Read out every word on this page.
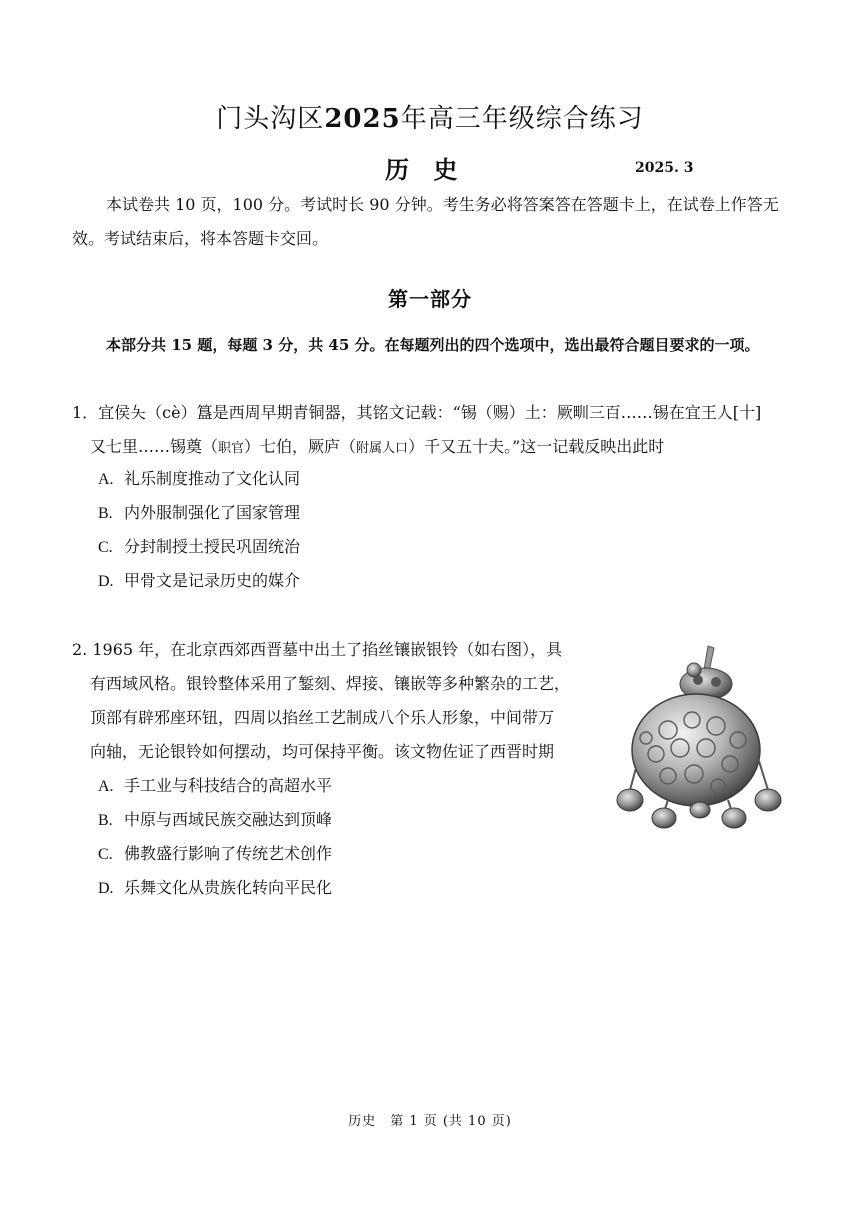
门头沟区2025年高三年级综合练习
历 史	2025. 3
本试卷共 10 页，100 分。考试时长 90 分钟。考生务必将答案答在答题卡上，在试卷上作答无效。考试结束后，将本答题卡交回。
第一部分
本部分共 15 题，每题 3 分，共 45 分。在每题列出的四个选项中，选出最符合题目要求的一项。
1．宜侯夨（cè）簋是西周早期青铜器，其铭文记载：“锡（赐）土：厥甽三百……锡在宜王人[十]
又七里……锡奠（职官）七伯，厥庐（附属人口）千又五十夫。”这一记载反映出此时
A. 礼乐制度推动了文化认同
B. 内外服制强化了国家管理
C. 分封制授土授民巩固统治
D. 甲骨文是记录历史的媒介
2. 1965 年，在北京西郊西晋墓中出土了掐丝镶嵌银铃（如右图），具
有西域风格。银铃整体采用了錾刻、焊接、镶嵌等多种繁杂的工艺，
顶部有辟邪座环钮，四周以掐丝工艺制成八个乐人形象，中间带万
向轴，无论银铃如何摆动，均可保持平衡。该文物佐证了西晋时期
A. 手工业与科技结合的高超水平
B. 中原与西域民族交融达到顶峰
C. 佛教盛行影响了传统艺术创作
D. 乐舞文化从贵族化转向平民化
历史　第 1 页 (共 10 页)
